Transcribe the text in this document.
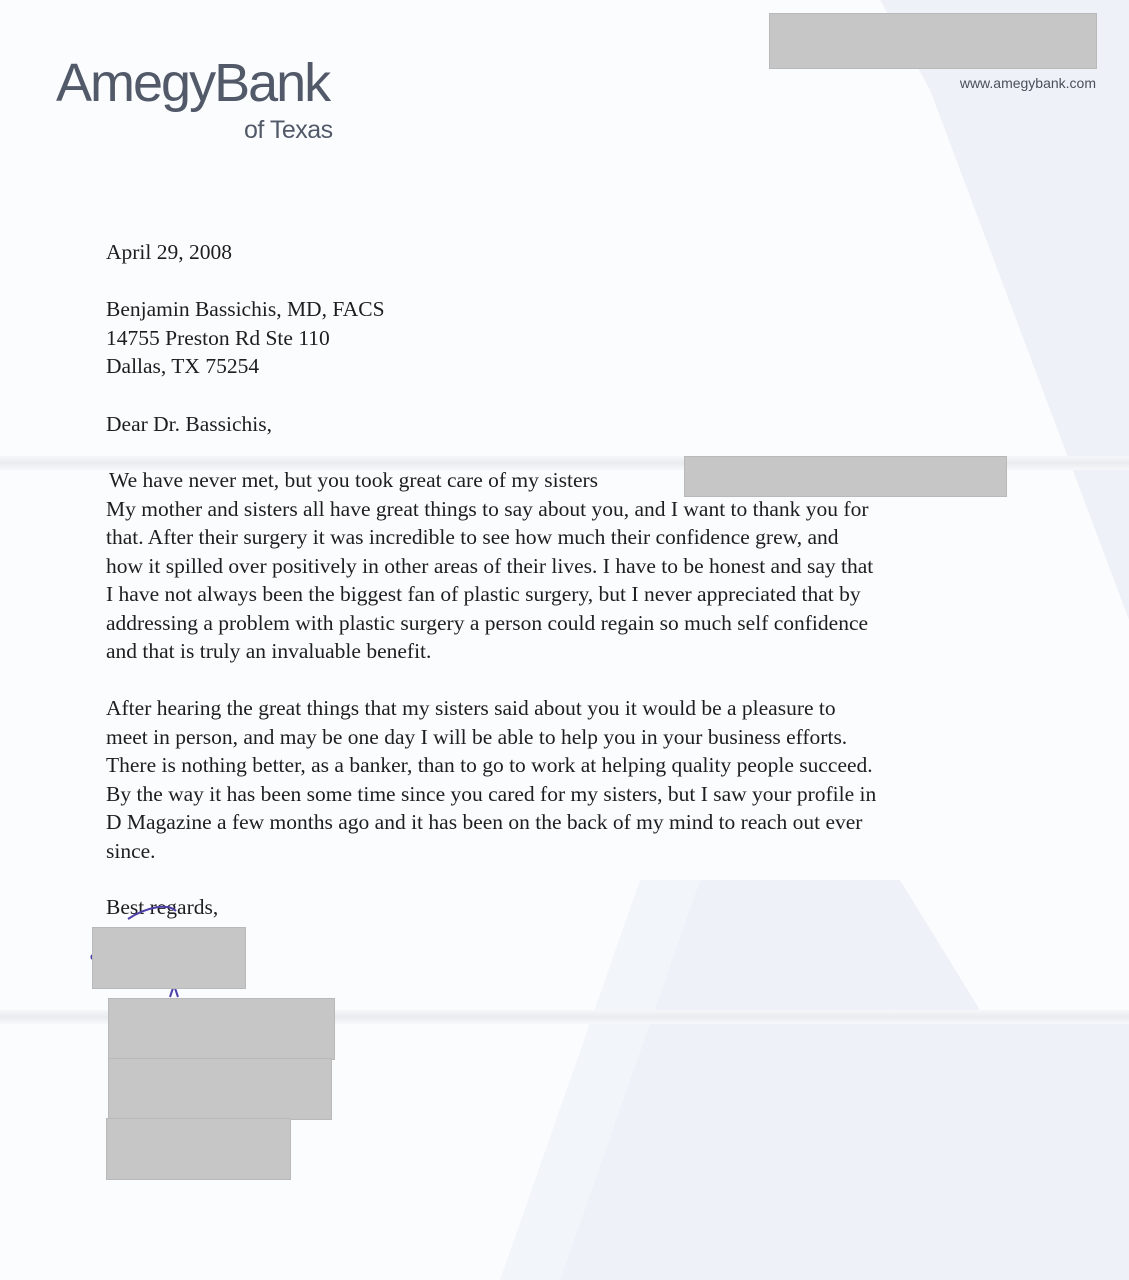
AmegyBank
of Texas
www.amegybank.com
April 29, 2008
Benjamin Bassichis, MD, FACS
14755 Preston Rd Ste 110
Dallas, TX 75254
Dear Dr. Bassichis,

We have never met, but you took great care of my sisters

My mother and sisters all have great things to say about you, and I want to thank you for

that. After their surgery it was incredible to see how much their confidence grew, and

how it spilled over positively in other areas of their lives. I have to be honest and say that

I have not always been the biggest fan of plastic surgery, but I never appreciated that by

addressing a problem with plastic surgery a person could regain so much self confidence

and that is truly an invaluable benefit.

After hearing the great things that my sisters said about you it would be a pleasure to

meet in person, and may be one day I will be able to help you in your business efforts.

There is nothing better, as a banker, than to go to work at helping quality people succeed.

By the way it has been some time since you cared for my sisters, but I saw your profile in

D Magazine a few months ago and it has been on the back of my mind to reach out ever

since.

Best regards,
